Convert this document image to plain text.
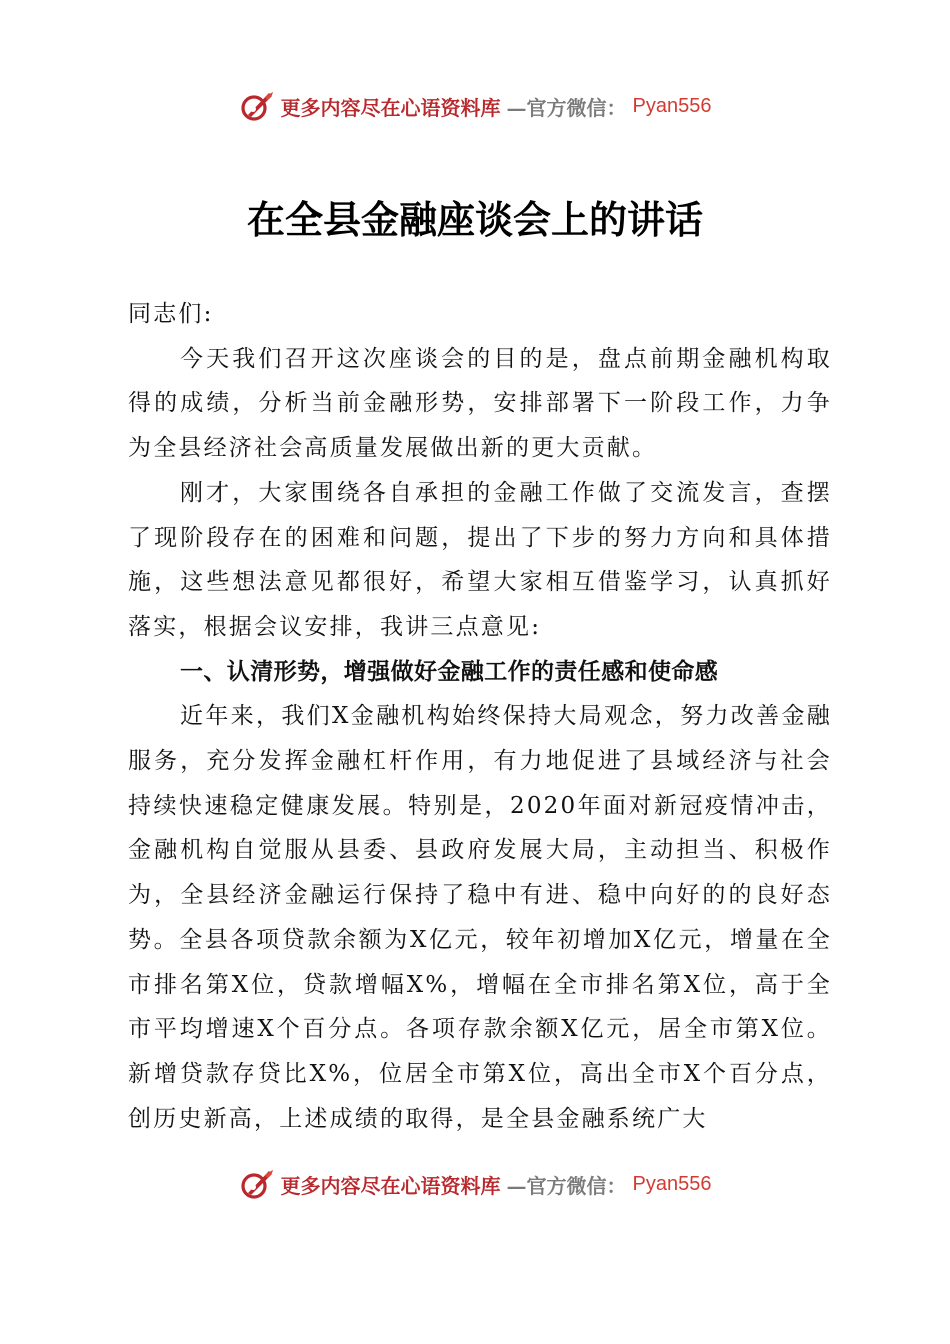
更多内容尽在心语资料库 —官方微信： Pyan556
在全县金融座谈会上的讲话

同志们:

今天我们召开这次座谈会的目的是，盘点前期金融机构取得的成绩，分析当前金融形势，安排部署下一阶段工作，力争为全县经济社会高质量发展做出新的更大贡献。

刚才，大家围绕各自承担的金融工作做了交流发言，查摆了现阶段存在的困难和问题，提出了下步的努力方向和具体措施，这些想法意见都很好，希望大家相互借鉴学习，认真抓好落实，根据会议安排，我讲三点意见:

一、认清形势，增强做好金融工作的责任感和使命感

近年来，我们X金融机构始终保持大局观念，努力改善金融服务，充分发挥金融杠杆作用，有力地促进了县域经济与社会持续快速稳定健康发展。特别是，2020年面对新冠疫情冲击，金融机构自觉服从县委、县政府发展大局，主动担当、积极作为，全县经济金融运行保持了稳中有进、稳中向好的的良好态势。全县各项贷款余额为X亿元，较年初增加X亿元，增量在全市排名第X位，贷款增幅X%，增幅在全市排名第X位，高于全市平均增速X个百分点。各项存款余额X亿元，居全市第X位。新增贷款存贷比X%，位居全市第X位，高出全市X个百分点，创历史新高，上述成绩的取得，是全县金融系统广大

更多内容尽在心语资料库 —官方微信： Pyan556
